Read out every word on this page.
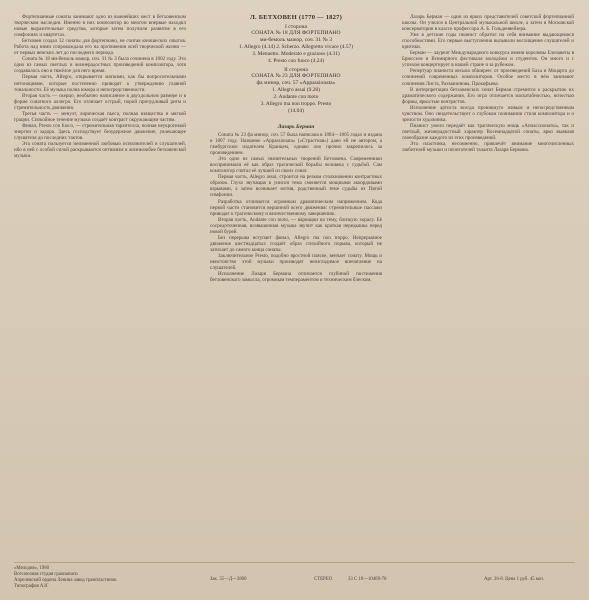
Л. БЕТХОВЕН (1770 — 1827)
I сторона
СОНАТА № 18 ДЛЯ ФОРТЕПИАНО
ми-бемоль мажор, соч. 31 № 3
1. Allegro (4.14) 2. Scherzo. Allegretto vivace (4.57)
3. Menuetto. Moderato e grazioso (4.31)
4. Presto con fuoco (4.24)
II сторона
СОНАТА № 23 ДЛЯ ФОРТЕПИАНО
фа минор, соч. 57 «Appassionata»
1. Allegro assai (9.28)
2. Andante con moto
3. Allegro ma non troppo. Presto
(14.04)
Лазарь Берман

Фортепианные сонаты занимают одно из важнейших мест в бетховенском творческом наследии. Именно в них композитор во многом впервые находил новые выразительные средства, которые затем получили развитие в его симфониях и квартетах.

Бетховен создал 32 сонаты для фортепиано, не считая юношеских опытов. Работа над ними сопровождала его на протяжении всей творческой жизни — от первых венских лет до последнего периода.

Соната № 18 ми-бемоль мажор, соч. 31 № 3 была сочинена в 1802 году. Это одно из самых светлых и жизнерадостных произведений композитора, хотя создавалось оно в тяжёлое для него время.

Первая часть, Allegro, открывается мягкими, как бы вопросительными интонациями, которые постепенно приводят к утверждению главной тональности. Её музыка полна юмора и непосредственности.

Вторая часть — скерцо, необычно написанное в двухдольном размере и в форме сонатного аллегро. Его отличает острый, порой причудливый ритм и стремительность движения.

Третья часть — менуэт, лирическая пьеса, полная изящества и мягкой грации. Спокойное течение музыки создаёт контраст окружающим частям.

Финал, Presto con fuoco, — стремительная тарантелла, полная неукротимой энергии и задора. Здесь господствует безудержное движение, увлекающее слушателя до последних тактов.

Эта соната пользуется неизменной любовью исполнителей и слушателей, ибо в ней с особой силой раскрываются оптимизм и жизнелюбие бетховенской музыки.

Соната № 23 фа минор, соч. 57 была написана в 1804—1805 годах и издана в 1807 году. Название «Appassionata» («Страстная») дано ей не автором, а гамбургским издателем Кранцем, однако оно прочно закрепилось за произведением.

Это одно из самых значительных творений Бетховена. Современники воспринимали её как образ трагической борьбы человека с судьбой. Сам композитор считал её лучшей из своих сонат.

Первая часть, Allegro assai, строится на резком столкновении контрастных образов. Глухо звучащая в унисон тема сменяется мощными аккордовыми взрывами, а затем возникает мотив, родственный теме судьбы из Пятой симфонии.

Разработка отличается огромным драматическим напряжением. Кода первой части становится вершиной всего движения: стремительные пассажи приводят к трагическому и величественному завершению.

Вторая часть, Andante con moto, — вариации на тему, близкую хоралу. Её сосредоточенная, возвышенная музыка звучит как краткая передышка перед новой бурей.

Без перерыва вступает финал, Allegro ma non troppo. Непрерывное движение шестнадцатых создаёт образ стихийного порыва, который не затихает до самого конца сонаты.

Заключительное Presto, подобно яростной пляске, венчает сонату. Мощь и неистовство этой музыки производят неизгладимое впечатление на слушателей.

Исполнение Лазаря Бермана отличается глубиной постижения бетховенского замысла, огромным темпераментом и техническим блеском.

Лазарь Берман — один из ярких представителей советской фортепианной школы. Он учился в Центральной музыкальной школе, а затем в Московской консерватории в классе профессора А. Б. Гольденвейзера.

Уже в детские годы пианист обратил на себя внимание выдающимися способностями. Его первые выступления вызывали восхищение слушателей и критики.

Берман — лауреат Международного конкурса имени королевы Елизаветы в Брюсселе и Всемирного фестиваля молодёжи и студентов. Он много и с успехом концертирует в нашей стране и за рубежом.

Репертуар пианиста весьма обширен: от произведений Баха и Моцарта до сочинений современных композиторов. Особое место в нём занимают сочинения Листа, Рахманинова, Прокофьева.

В интерпретации бетховенских сонат Берман стремится к раскрытию их драматического содержания. Его игра отличается масштабностью, ясностью формы, яркостью контрастов.

Исполнение артиста всегда проникнуто живым и непосредственным чувством. Оно свидетельствует о глубоком понимании стиля композитора и о зрелости художника.

Пианист умело передаёт как трагическую мощь «Аппассионаты», так и светлый, жизнерадостный характер Восемнадцатой сонаты, ярко выявляя своеобразие каждого из этих произведений.

Эта пластинка, несомненно, привлечёт внимание многочисленных любителей музыки и почитателей таланта Лазаря Бермана.

«Мелодия», 1980
Всесоюзная студия грамзаписи
Апрелевский ордена Ленина завод грампластинок
Типография А3Г
Зак. 35—Д—3800	СТЕРЕО	33 С 10—10469-70	Арт. 36-8. Цена 1 руб. 45 коп.
